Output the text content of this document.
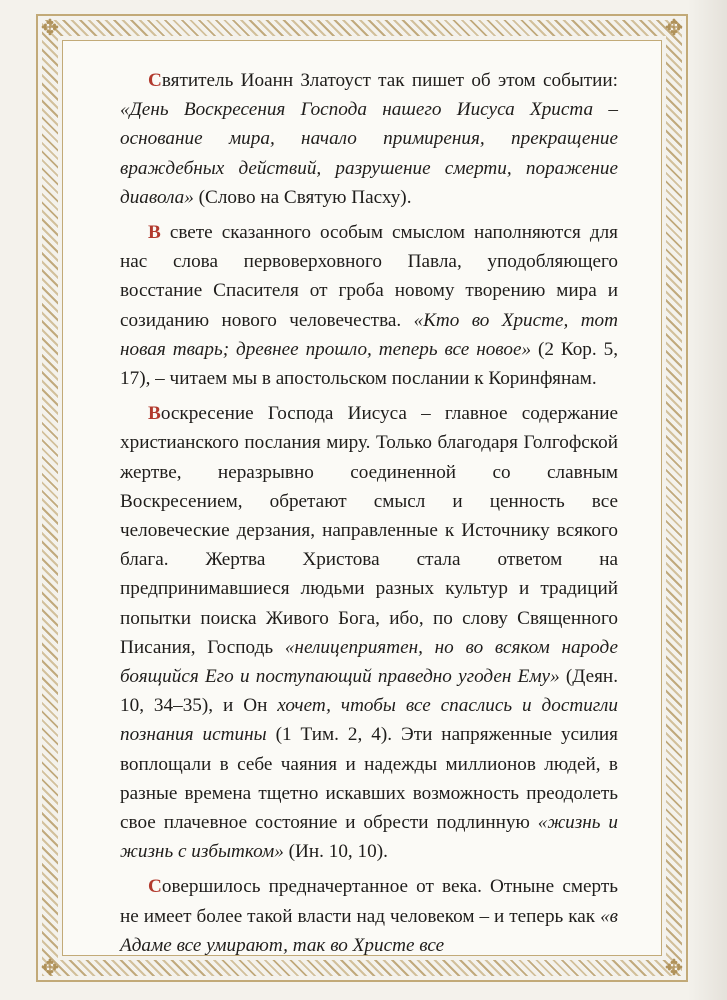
✥	✥
✥	✥

Святитель Иоанн Златоуст так пишет об этом событии: «День Воскресения Господа нашего Иисуса Христа – основание мира, начало примирения, прекращение враждебных действий, разрушение смерти, поражение диавола» (Слово на Святую Пасху).

В свете сказанного особым смыслом наполняются для нас слова первоверховного Павла, уподобляющего восстание Спасителя от гроба новому творению мира и созиданию нового человечества. «Кто во Христе, тот новая тварь; древнее прошло, теперь все новое» (2 Кор. 5, 17), – читаем мы в апостольском послании к Коринфянам.

Воскресение Господа Иисуса – главное содержание христианского послания миру. Только благодаря Голгофской жертве, неразрывно соединенной со славным Воскресением, обретают смысл и ценность все человеческие дерзания, направленные к Источнику всякого блага. Жертва Христова стала ответом на предпринимавшиеся людьми разных культур и традиций попытки поиска Живого Бога, ибо, по слову Священного Писания, Господь «нелицеприятен, но во всяком народе боящийся Его и поступающий праведно угоден Ему» (Деян. 10, 34–35), и Он хочет, чтобы все спаслись и достигли познания истины (1 Тим. 2, 4). Эти напряженные усилия воплощали в себе чаяния и надежды миллионов людей, в разные времена тщетно искавших возможность преодолеть свое плачевное состояние и обрести подлинную «жизнь и жизнь с избытком» (Ин. 10, 10).

Совершилось предначертанное от века. Отныне смерть не имеет более такой власти над человеком – и теперь как «в Адаме все умирают, так во Христе все
